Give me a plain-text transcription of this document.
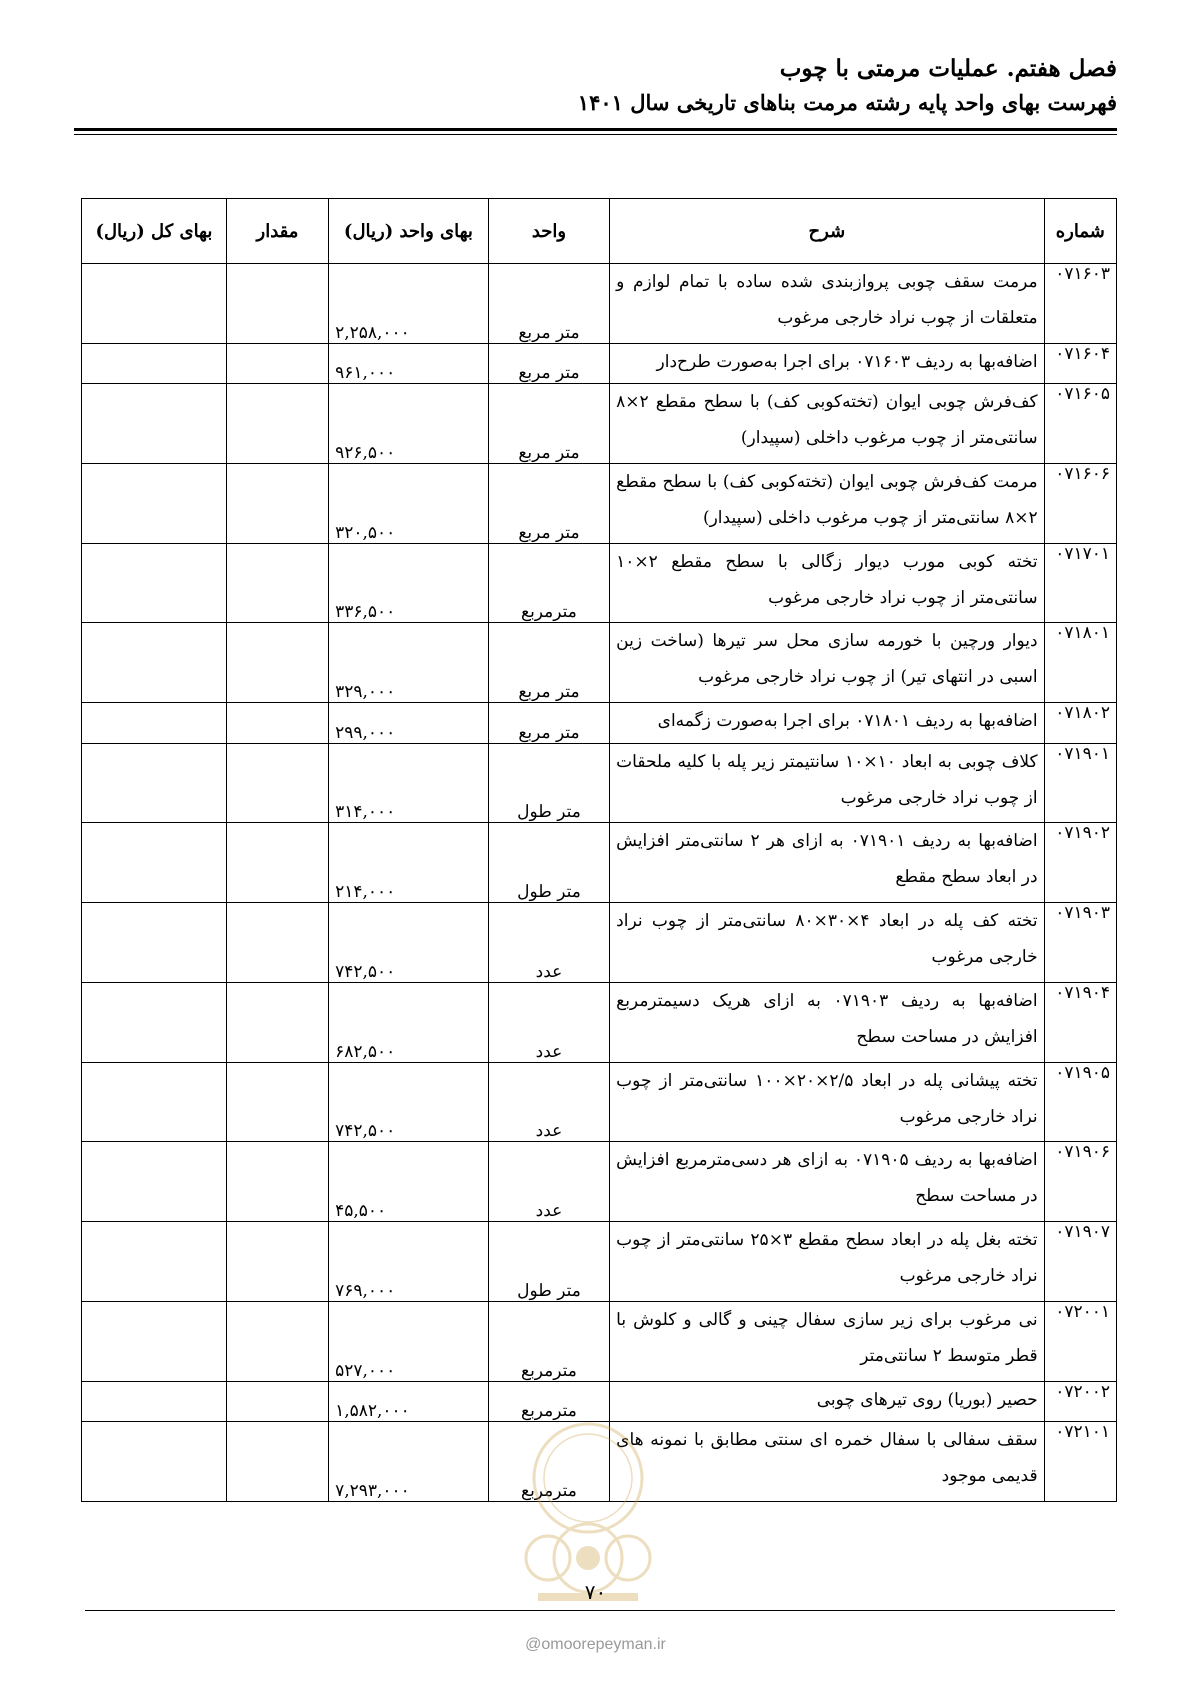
فصل هفتم. عملیات مرمتی با چوب
فهرست بهای واحد پایه رشته مرمت بناهای تاریخی سال ۱۴۰۱
شماره	شرح	واحد	بهای واحد (ریال)	مقدار	بهای کل (ریال)
۰۷۱۶۰۳	مرمت سقف چوبی پروازبندی شده ساده با تمام لوازم و متعلقات از چوب نراد خارجی مرغوب	متر مربع	۲,۲۵۸,۰۰۰		
۰۷۱۶۰۴	اضافه‌بها به ردیف ۰۷۱۶۰۳ برای اجرا به‌صورت طرح‌دار	متر مربع	۹۶۱,۰۰۰		
۰۷۱۶۰۵	کف‌فرش چوبی ایوان (تخته‌کوبی کف) با سطح مقطع ۲×۸ سانتی‌متر از چوب مرغوب داخلی (سپیدار)	متر مربع	۹۲۶,۵۰۰		
۰۷۱۶۰۶	مرمت کف‌فرش چوبی ایوان (تخته‌کوبی کف) با سطح مقطع ۲×۸ سانتی‌متر از چوب مرغوب داخلی (سپیدار)	متر مربع	۳۲۰,۵۰۰		
۰۷۱۷۰۱	تخته کوبی مورب دیوار زگالی با سطح مقطع ۲×۱۰ سانتی‌متر از چوب نراد خارجی مرغوب	مترمربع	۳۳۶,۵۰۰		
۰۷۱۸۰۱	دیوار ورچین با خورمه سازی محل سر تیرها (ساخت زین اسبی در انتهای تیر) از چوب نراد خارجی مرغوب	متر مربع	۳۲۹,۰۰۰		
۰۷۱۸۰۲	اضافه‌بها به ردیف ۰۷۱۸۰۱ برای اجرا به‌صورت زگمه‌ای	متر مربع	۲۹۹,۰۰۰		
۰۷۱۹۰۱	کلاف چوبی به ابعاد ۱۰×۱۰ سانتیمتر زیر پله با کلیه ملحقات از چوب نراد خارجی مرغوب	متر طول	۳۱۴,۰۰۰		
۰۷۱۹۰۲	اضافه‌بها به ردیف ۰۷۱۹۰۱ به ازای هر ۲ سانتی‌متر افزایش در ابعاد سطح مقطع	متر طول	۲۱۴,۰۰۰		
۰۷۱۹۰۳	تخته کف پله در ابعاد ۴×۳۰×۸۰ سانتی‌متر از چوب نراد خارجی مرغوب	عدد	۷۴۲,۵۰۰		
۰۷۱۹۰۴	اضافه‌بها به ردیف ۰۷۱۹۰۳ به ازای هریک دسیمترمربع افزایش در مساحت سطح	عدد	۶۸۲,۵۰۰		
۰۷۱۹۰۵	تخته پیشانی پله در ابعاد ۲/۵×۲۰×۱۰۰ سانتی‌متر از چوب نراد خارجی مرغوب	عدد	۷۴۲,۵۰۰		
۰۷۱۹۰۶	اضافه‌بها به ردیف ۰۷۱۹۰۵ به ازای هر دسی‌مترمربع افزایش در مساحت سطح	عدد	۴۵,۵۰۰		
۰۷۱۹۰۷	تخته بغل پله در ابعاد سطح مقطع ۳×۲۵ سانتی‌متر از چوب نراد خارجی مرغوب	متر طول	۷۶۹,۰۰۰		
۰۷۲۰۰۱	نی مرغوب برای زیر سازی سفال چینی و گالی و کلوش با قطر متوسط ۲ سانتی‌متر	مترمربع	۵۲۷,۰۰۰		
۰۷۲۰۰۲	حصیر (بوریا) روی تیرهای چوبی	مترمربع	۱,۵۸۲,۰۰۰		
۰۷۲۱۰۱	سقف سفالی با سفال خمره ای سنتی مطابق با نمونه های قدیمی موجود	مترمربع	۷,۲۹۳,۰۰۰		
۷۰
@omoorepeyman.ir
